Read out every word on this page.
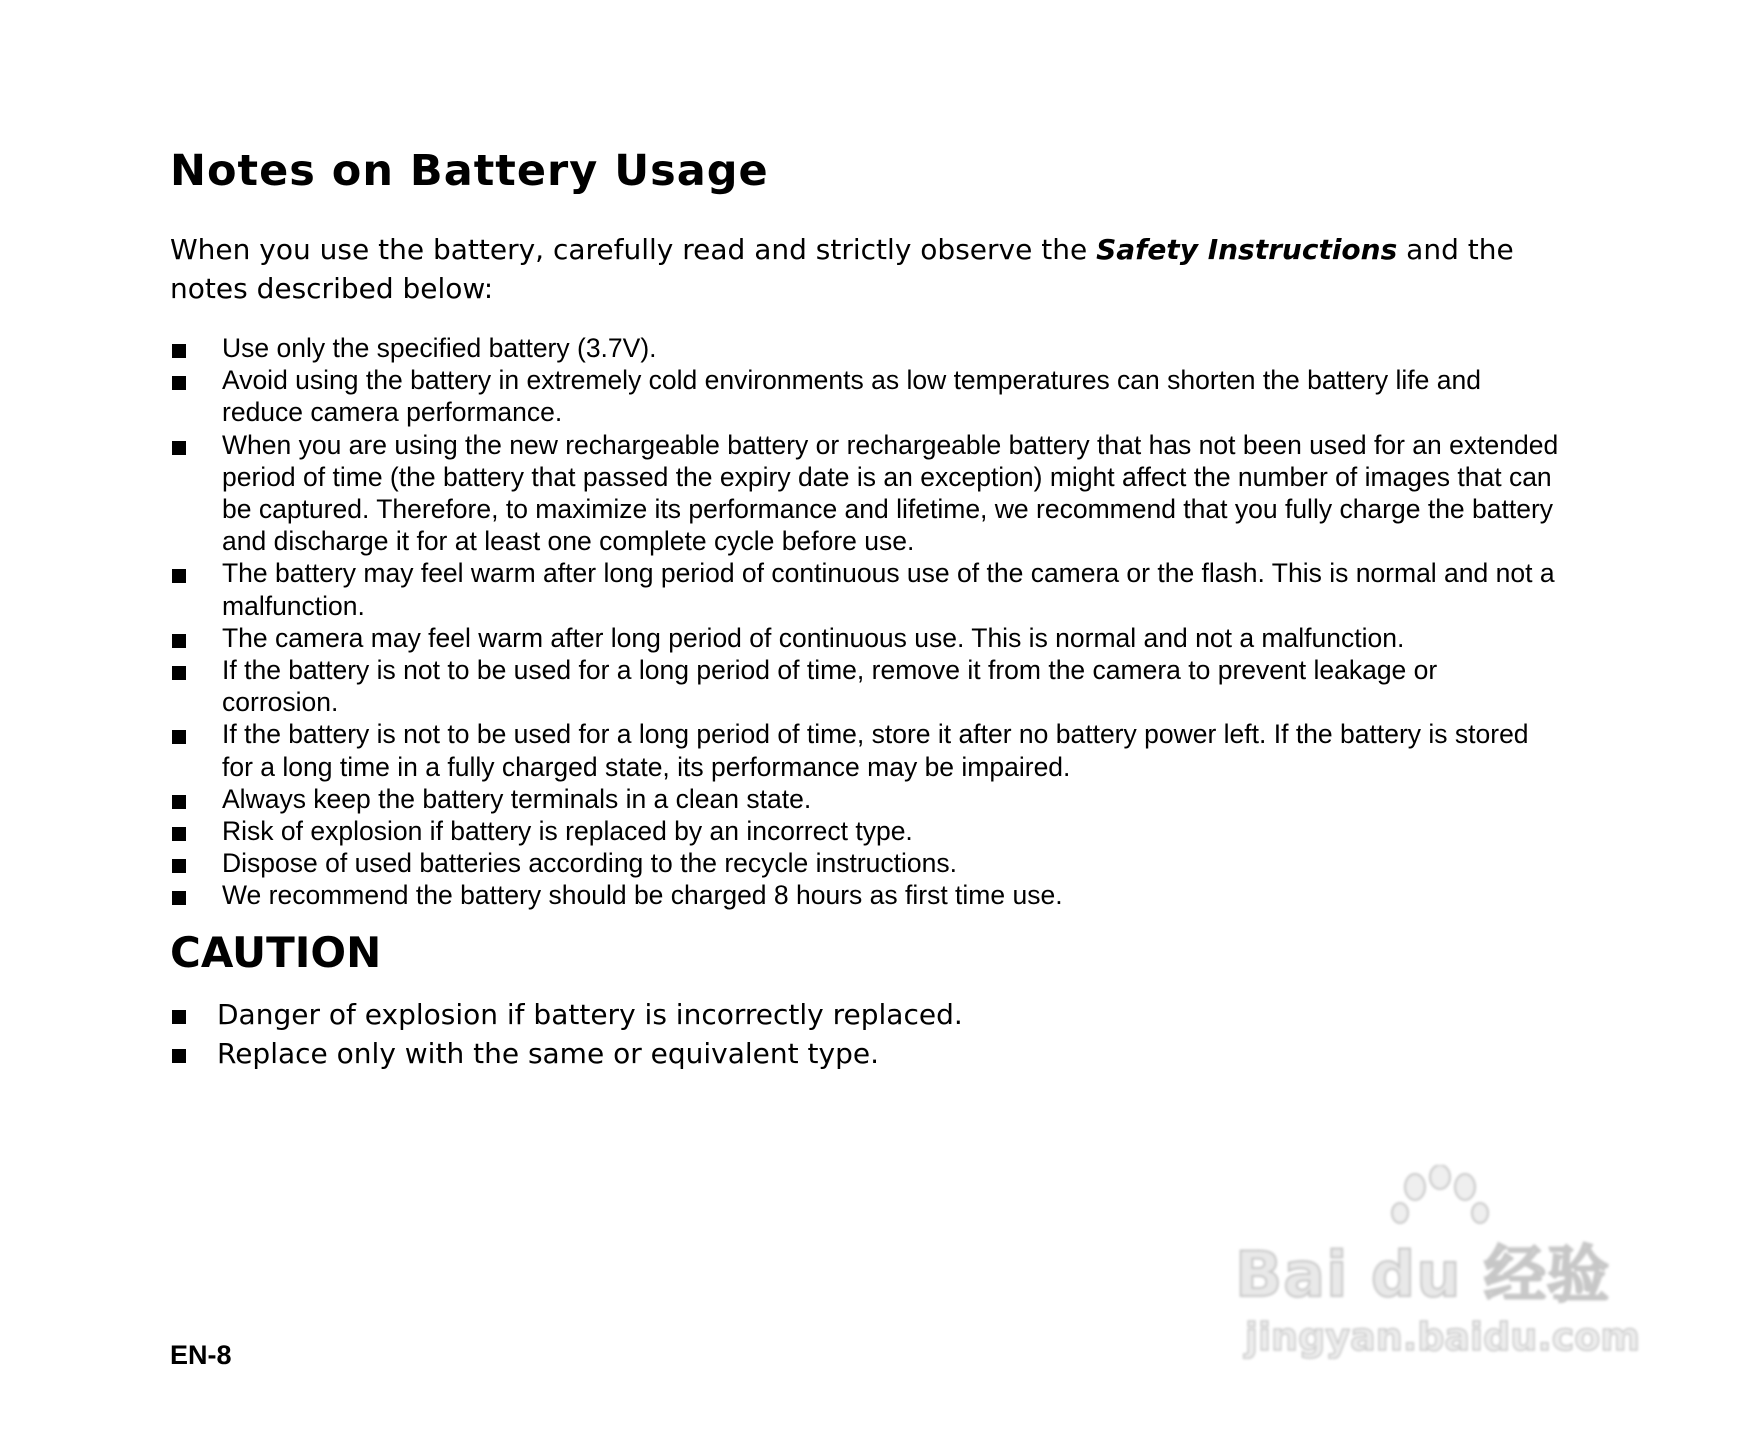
Notes on Battery Usage

When you use the battery, carefully read and strictly observe the Safety Instructions and the notes described below:

Use only the specified battery (3.7V).
Avoid using the battery in extremely cold environments as low temperatures can shorten the battery life and reduce camera performance.
When you are using the new rechargeable battery or rechargeable battery that has not been used for an extended period of time (the battery that passed the expiry date is an exception) might affect the number of images that can be captured. Therefore, to maximize its performance and lifetime, we recommend that you fully charge the battery and discharge it for at least one complete cycle before use.
The battery may feel warm after long period of continuous use of the camera or the flash. This is normal and not a malfunction.
The camera may feel warm after long period of continuous use. This is normal and not a malfunction.
If the battery is not to be used for a long period of time, remove it from the camera to prevent leakage or corrosion.
If the battery is not to be used for a long period of time, store it after no battery power left. If the battery is stored for a long time in a fully charged state, its performance may be impaired.
Always keep the battery terminals in a clean state.
Risk of explosion if battery is replaced by an incorrect type.
Dispose of used batteries according to the recycle instructions.
We recommend the battery should be charged 8 hours as first time use.
CAUTION
Danger of explosion if battery is incorrectly replaced.
Replace only with the same or equivalent type.
EN-8
Bai du 经验
jingyan.baidu.com
